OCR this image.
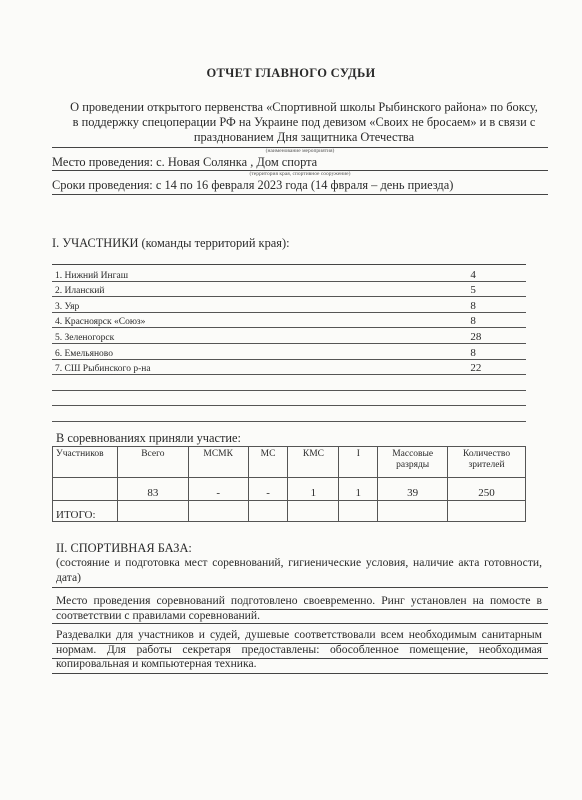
ОТЧЕТ ГЛАВНОГО СУДЬИ
О проведении открытого первенства «Спортивной школы Рыбинского района» по боксу, в поддержку спецоперации РФ на Украине под девизом «Своих не бросаем» и в связи с празднованием Дня защитника Отечества
(наименование мероприятия)
Место проведения: с. Новая Солянка , Дом спорта
(территория края, спортивное сооружение)
Сроки проведения: с 14 по 16 февраля 2023 года (14 фвраля – день приезда)
I. УЧАСТНИКИ (команды территорий края):
1. Нижний Ингаш	4
2. Иланский	5
3. Уяр	8
4. Красноярск «Союз»	8
5. Зеленогорск	28
6. Емельяново	8
7. СШ Рыбинского р-на	22

В соревнованиях приняли участие:
Участников	Всего	МСМК	МС	КМС	I	Массовые разряды	Количество зрителей
	83	-	-	1	1	39	250
ИТОГО:							
II. СПОРТИВНАЯ БАЗА:
(состояние и подготовка мест соревнований, гигиенические условия, наличие акта готовности, дата)
Место проведения соревнований подготовлено своевременно. Ринг установлен на помосте в соответствии с правилами соревнований.
Раздевалки для участников и судей, душевые соответствовали всем необходимым санитарным нормам. Для работы секретаря предоставлены: обособленное помещение, необходимая копировальная и компьютерная техника.
